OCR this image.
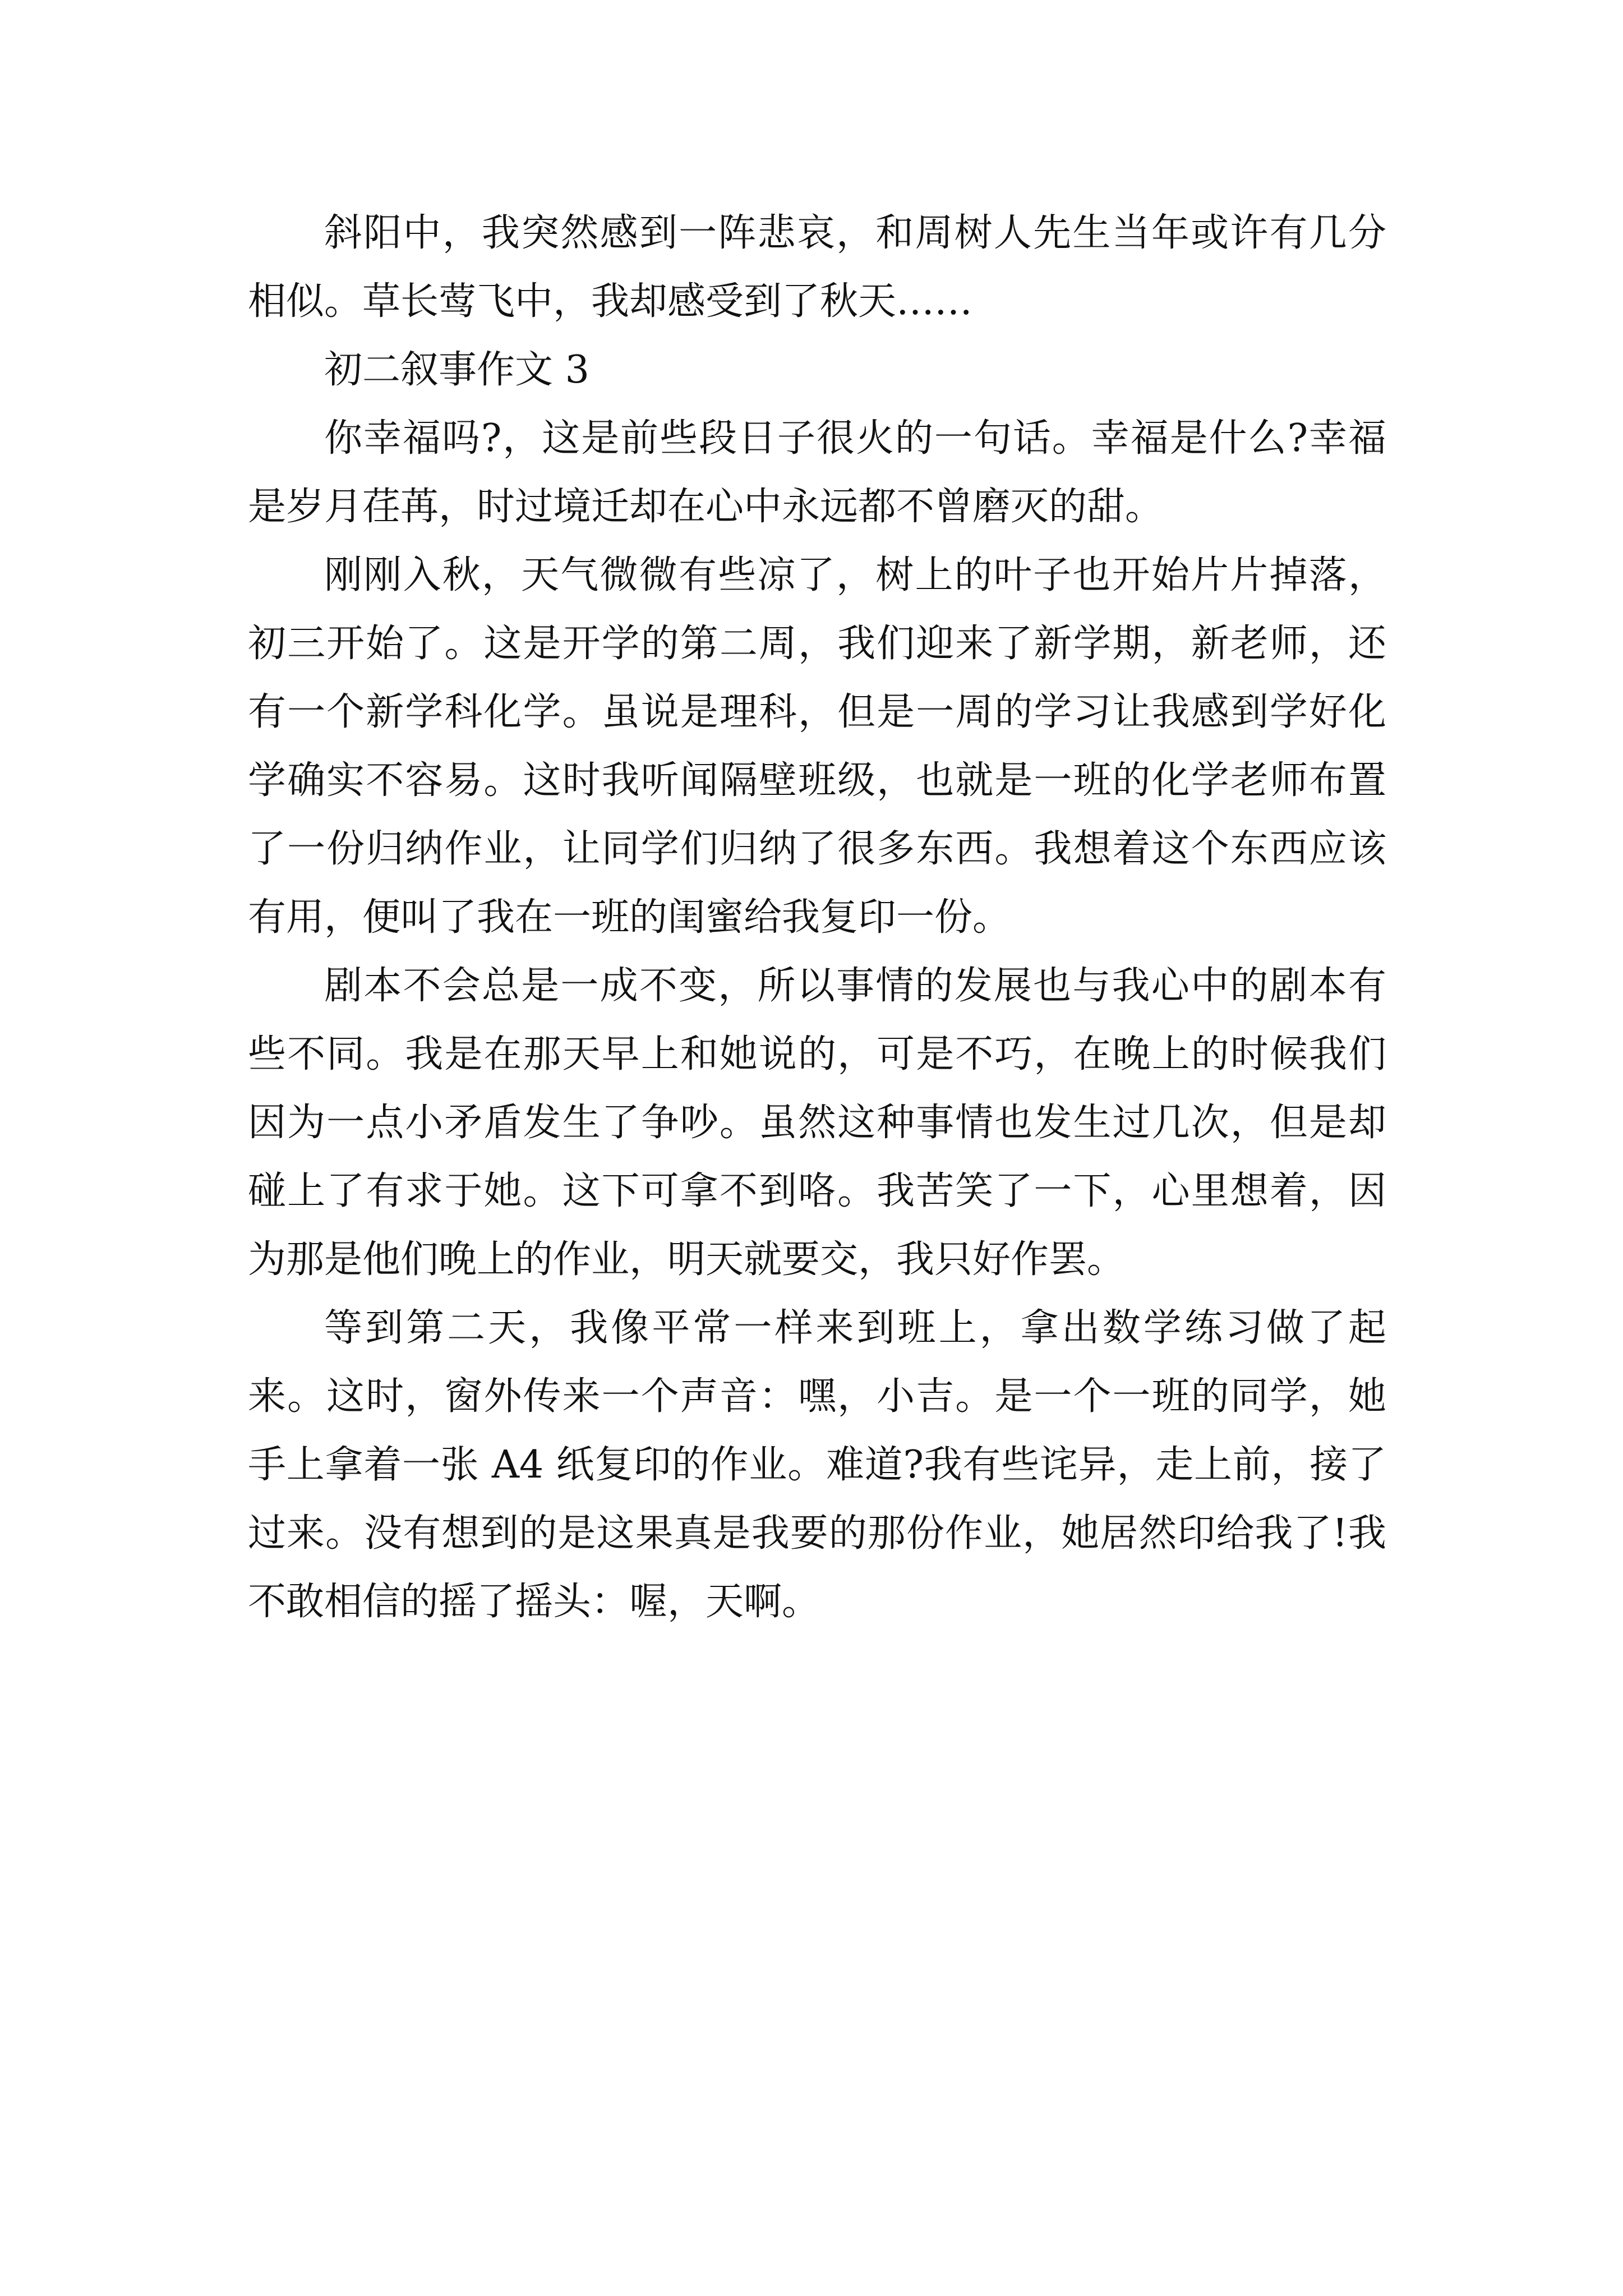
斜阳中，我突然感到一阵悲哀，和周树人先生当年或许有几分相似。草长莺飞中，我却感受到了秋天……

初二叙事作文 3

你幸福吗?，这是前些段日子很火的一句话。幸福是什么?幸福是岁月荏苒，时过境迁却在心中永远都不曾磨灭的甜。

刚刚入秋，天气微微有些凉了，树上的叶子也开始片片掉落，初三开始了。这是开学的第二周，我们迎来了新学期，新老师，还有一个新学科化学。虽说是理科，但是一周的学习让我感到学好化学确实不容易。这时我听闻隔壁班级，也就是一班的化学老师布置了一份归纳作业，让同学们归纳了很多东西。我想着这个东西应该有用，便叫了我在一班的闺蜜给我复印一份。

剧本不会总是一成不变，所以事情的发展也与我心中的剧本有些不同。我是在那天早上和她说的，可是不巧，在晚上的时候我们因为一点小矛盾发生了争吵。虽然这种事情也发生过几次，但是却碰上了有求于她。这下可拿不到咯。我苦笑了一下，心里想着，因为那是他们晚上的作业，明天就要交，我只好作罢。

等到第二天，我像平常一样来到班上，拿出数学练习做了起来。这时，窗外传来一个声音：嘿，小吉。是一个一班的同学，她手上拿着一张 A4 纸复印的作业。难道?我有些诧异，走上前，接了过来。没有想到的是这果真是我要的那份作业，她居然印给我了!我不敢相信的摇了摇头：喔，天啊。
